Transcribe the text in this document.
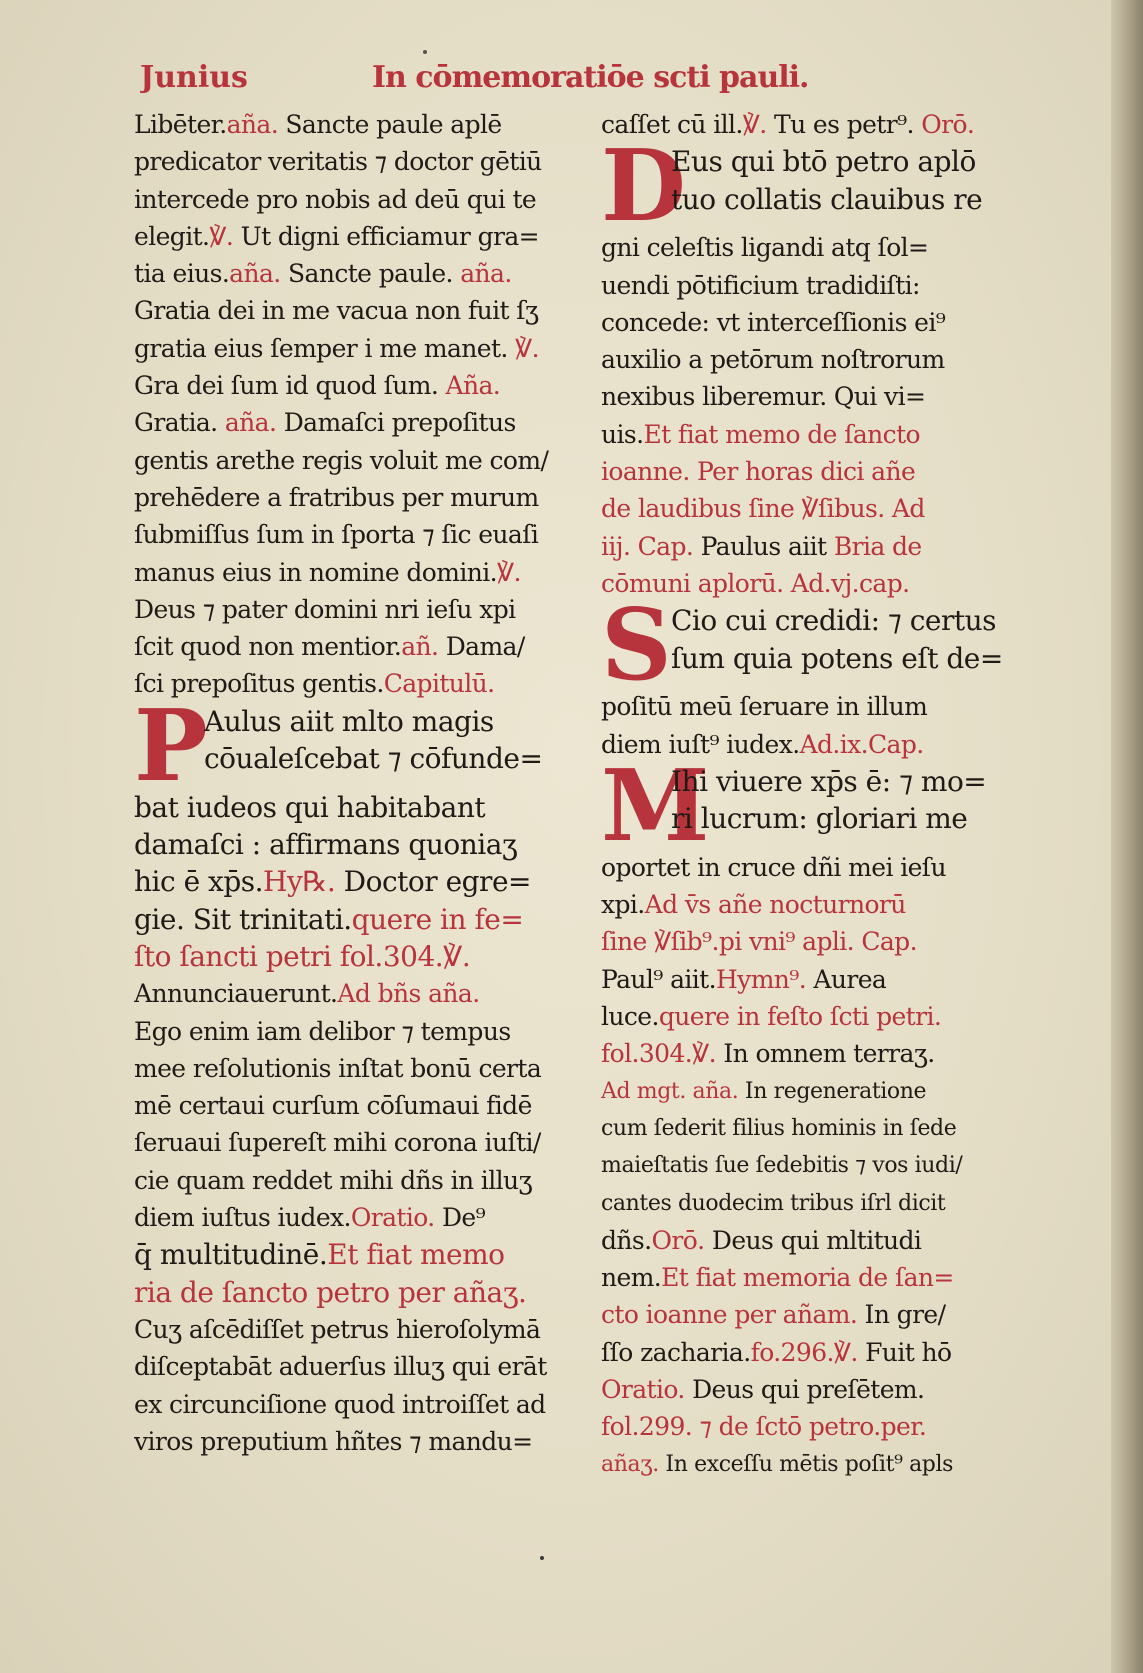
Junius	In cōmemoratiōe scti pauli.
Libēter.aña. Sancte paule aplē
predicator veritatis ⁊ doctor gētiū
intercede pro nobis ad deū qui te
elegit.℣. Ut digni efficiamur gra=
tia eius.aña. Sancte paule. aña.
Gratia dei in me vacua non fuit ſʒ
gratia eius ſemper i me manet. ℣.
Gra dei ſum id quod ſum. Aña.
Gratia. aña. Damaſci prepoſitus
gentis arethe regis voluit me com/
prehēdere a fratribus per murum
ſubmiſſus ſum in ſporta ⁊ ſic euaſi
manus eius in nomine domini.℣.
Deus ⁊ pater domini nri ieſu xpi
ſcit quod non mentior.añ. Dama/
ſci prepoſitus gentis.Capitulū.
P
Aulus aiit mlto magis
cōualeſcebat ⁊ cōfunde=
bat iudeos qui habitabant
damaſci : affirmans quoniaʒ
hic ē xp̄s.Hy℞. Doctor egre=
gie. Sit trinitati.quere in fe=
ſto ſancti petri fol.304.℣.
Annunciauerunt.Ad bñs aña.
Ego enim iam delibor ⁊ tempus
mee reſolutionis inſtat bonū certa
mē certaui curſum cōſumaui fidē
ſeruaui ſupereſt mihi corona iuſti/
cie quam reddet mihi dñs in illuʒ
diem iuſtus iudex.Oratio. De⁹
q̄ multitudinē.Et fiat memo
ria de ſancto petro per añaʒ.
Cuʒ aſcēdiſſet petrus hieroſolymā
diſceptabāt aduerſus illuʒ qui erāt
ex circunciſione quod introiſſet ad
viros preputium hñtes ⁊ mandu=
caſſet cū ill.℣. Tu es petr⁹. Orō.
D
Eus qui btō petro aplō
tuo collatis clauibus re
gni celeſtis ligandi atq ſol=
uendi pōtificium tradidiſti:
concede: vt interceſſionis ei⁹
auxilio a petōrum noſtrorum
nexibus liberemur. Qui vi=
uis.Et fiat memo de ſancto
ioanne. Per horas dici añe
de laudibus ſine ℣ſibus. Ad
iij. Cap. Paulus aiit Bria de
cōmuni aplorū. Ad.vj.cap.
S Cio cui credidi: ⁊ certus
ſum quia potens eſt de=
poſitū meū ſeruare in illum
diem iuſt⁹ iudex.Ad.ix.Cap.
M
Ihi viuere xp̄s ē: ⁊ mo=
ri lucrum: gloriari me
oportet in cruce dñi mei ieſu
xpi.Ad v̄s añe nocturnorū
ſine ℣ſib⁹.pi vni⁹ apli. Cap.
Paul⁹ aiit.Hymn⁹. Aurea
luce.quere in feſto ſcti petri.
fol.304.℣. In omnem terraʒ.
Ad mgt. aña. In regeneratione
cum ſederit filius hominis in ſede
maieſtatis ſue ſedebitis ⁊ vos iudi/
cantes duodecim tribus iſrl dicit
dñs.Orō. Deus qui mltitudi
nem.Et fiat memoria de ſan=
cto ioanne per añam. In gre/
ſſo zacharia.fo.296.℣. Fuit hō
Oratio. Deus qui preſētem.
fol.299. ⁊ de ſctō petro.per.
añaʒ. In exceſſu mētis poſit⁹ apls
